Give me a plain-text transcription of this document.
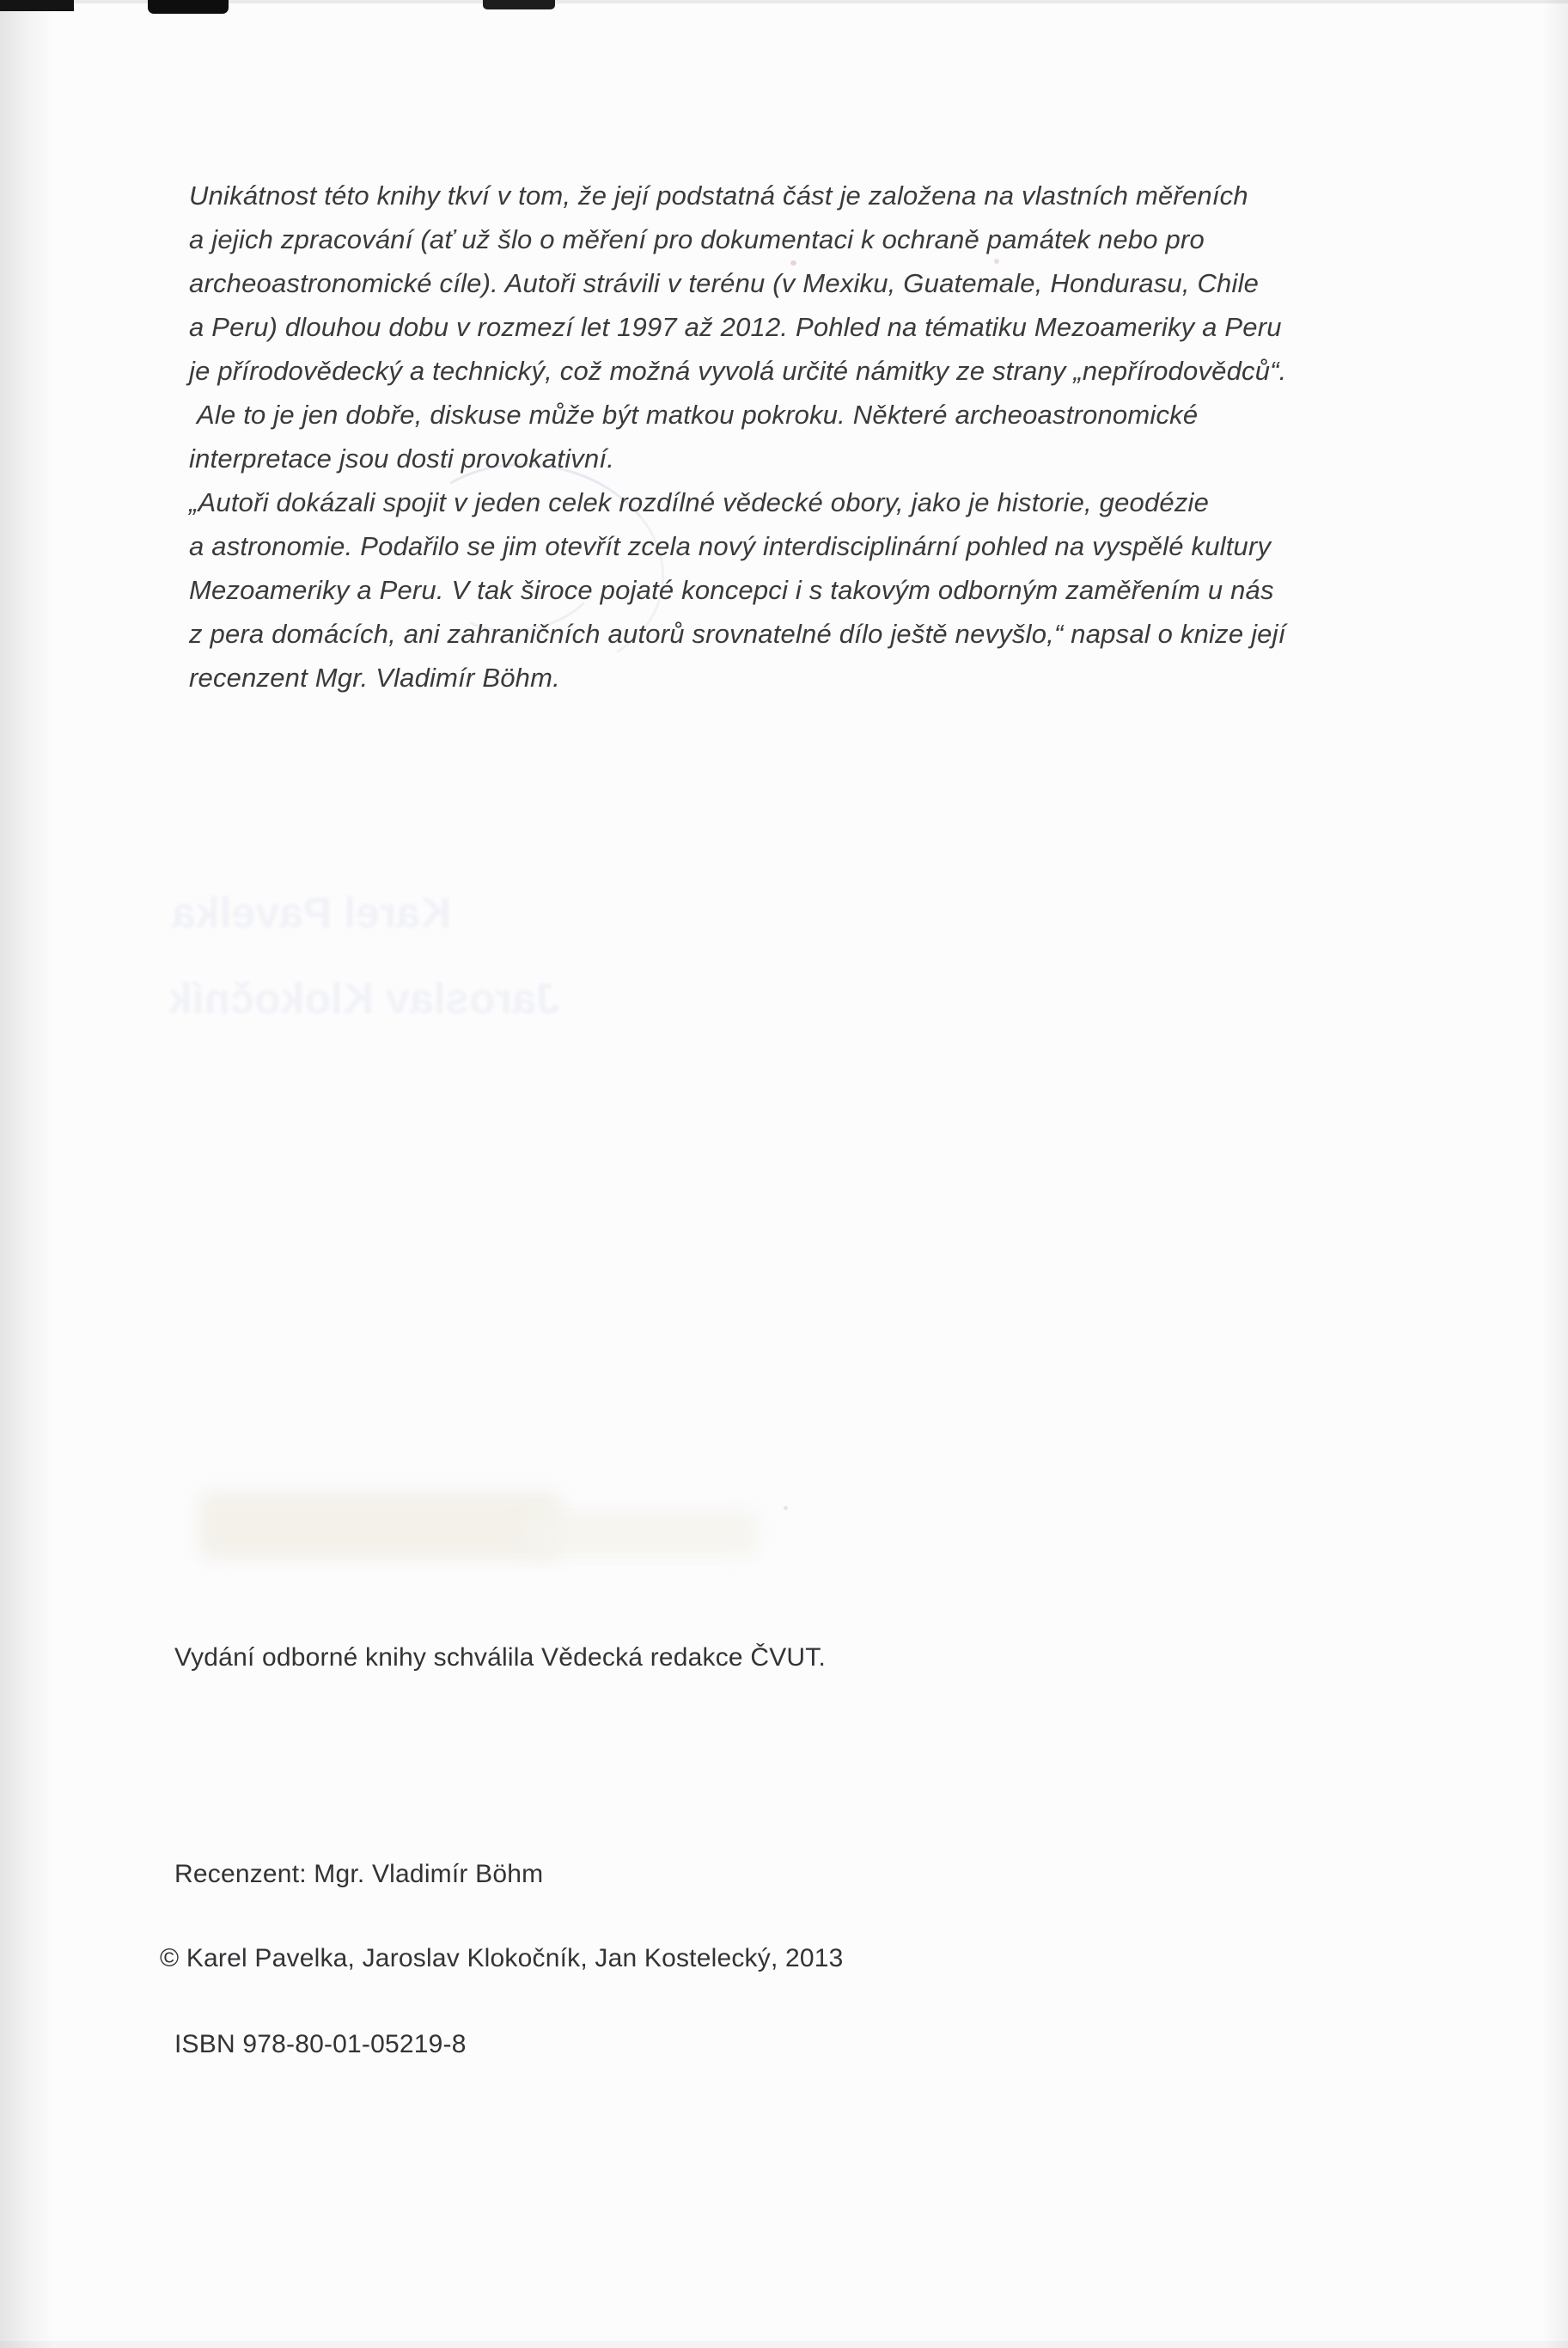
Karel Pavelka
Jaroslav Klokočník
Unikátnost této knihy tkví v tom, že její podstatná část je založena na vlastních měřeních
a jejich zpracování (ať už šlo o měření pro dokumentaci k ochraně památek nebo pro
archeoastronomické cíle). Autoři strávili v terénu (v Mexiku, Guatemale, Hondurasu, Chile
a Peru) dlouhou dobu v rozmezí let 1997 až 2012. Pohled na tématiku Mezoameriky a Peru
je přírodovědecký a technický, což možná vyvolá určité námitky ze strany „nepřírodovědců“.
Ale to je jen dobře, diskuse může být matkou pokroku. Některé archeoastronomické
interpretace jsou dosti provokativní.
„Autoři dokázali spojit v jeden celek rozdílné vědecké obory, jako je historie, geodézie
a astronomie. Podařilo se jim otevřít zcela nový interdisciplinární pohled na vyspělé kultury
Mezoameriky a Peru. V tak široce pojaté koncepci i s takovým odborným zaměřením u nás
z pera domácích, ani zahraničních autorů srovnatelné dílo ještě nevyšlo,“ napsal o knize její
recenzent Mgr. Vladimír Böhm.
Vydání odborné knihy schválila Vědecká redakce ČVUT.
Recenzent: Mgr. Vladimír Böhm
© Karel Pavelka, Jaroslav Klokočník, Jan Kostelecký, 2013
ISBN 978-80-01-05219-8
